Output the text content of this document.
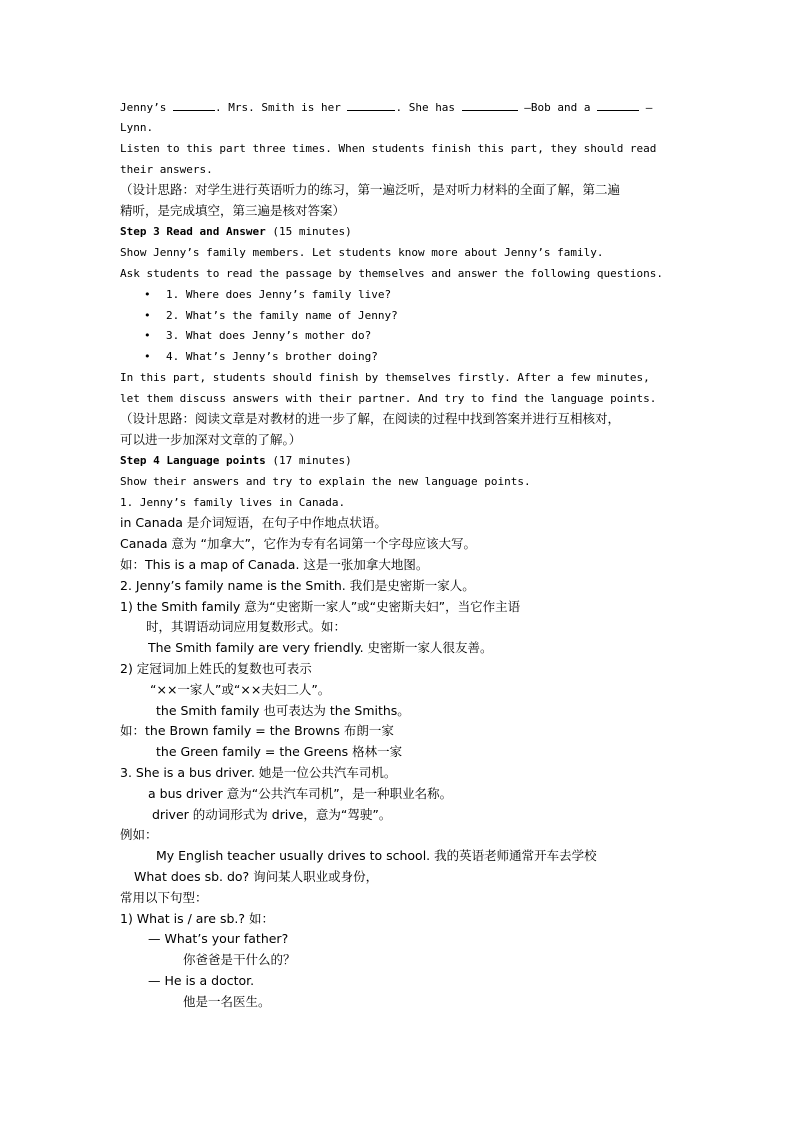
Jenny’s	. Mrs. Smith is her	. She has	—Bob and a	—
Lynn.
Listen to this part three times. When students finish this part, they should read
their answers.
（设计思路：对学生进行英语听力的练习，第一遍泛听，是对听力材料的全面了解，第二遍
精听，是完成填空，第三遍是核对答案）
Step 3 Read and Answer (15 minutes)
Show Jenny’s family members. Let students know more about Jenny’s family.
Ask students to read the passage by themselves and answer the following questions.
•	1. Where does Jenny’s family live?
•	2. What’s the family name of Jenny?
•	3. What does Jenny’s mother do?
•	4. What’s Jenny’s brother doing?
In this part, students should finish by themselves firstly. After a few minutes,
let them discuss answers with their partner. And try to find the language points.
（设计思路：阅读文章是对教材的进一步了解，在阅读的过程中找到答案并进行互相核对，
可以进一步加深对文章的了解。）
Step 4 Language points (17 minutes)
Show their answers and try to explain the new language points.
1. Jenny’s family lives in Canada.
in Canada 是介词短语，在句子中作地点状语。
Canada 意为 “加拿大”，它作为专有名词第一个字母应该大写。
如：This is a map of Canada. 这是一张加拿大地图。
2. Jenny’s family name is the Smith. 我们是史密斯一家人。
1) the Smith family 意为“史密斯一家人”或“史密斯夫妇”，当它作主语
时，其谓语动词应用复数形式。如：
The Smith family are very friendly. 史密斯一家人很友善。
2) 定冠词加上姓氏的复数也可表示
“××一家人”或“××夫妇二人”。
the Smith family 也可表达为 the Smiths。
如：the Brown family = the Browns 布朗一家
the Green family = the Greens 格林一家
3. She is a bus driver. 她是一位公共汽车司机。
a bus driver 意为“公共汽车司机”，是一种职业名称。
driver 的动词形式为 drive，意为“驾驶”。
例如：
My English teacher usually drives to school. 我的英语老师通常开车去学校
What does sb. do? 询问某人职业或身份，
常用以下句型：
1) What is / are sb.? 如：
— What’s your father?
你爸爸是干什么的？
— He is a doctor.
他是一名医生。
